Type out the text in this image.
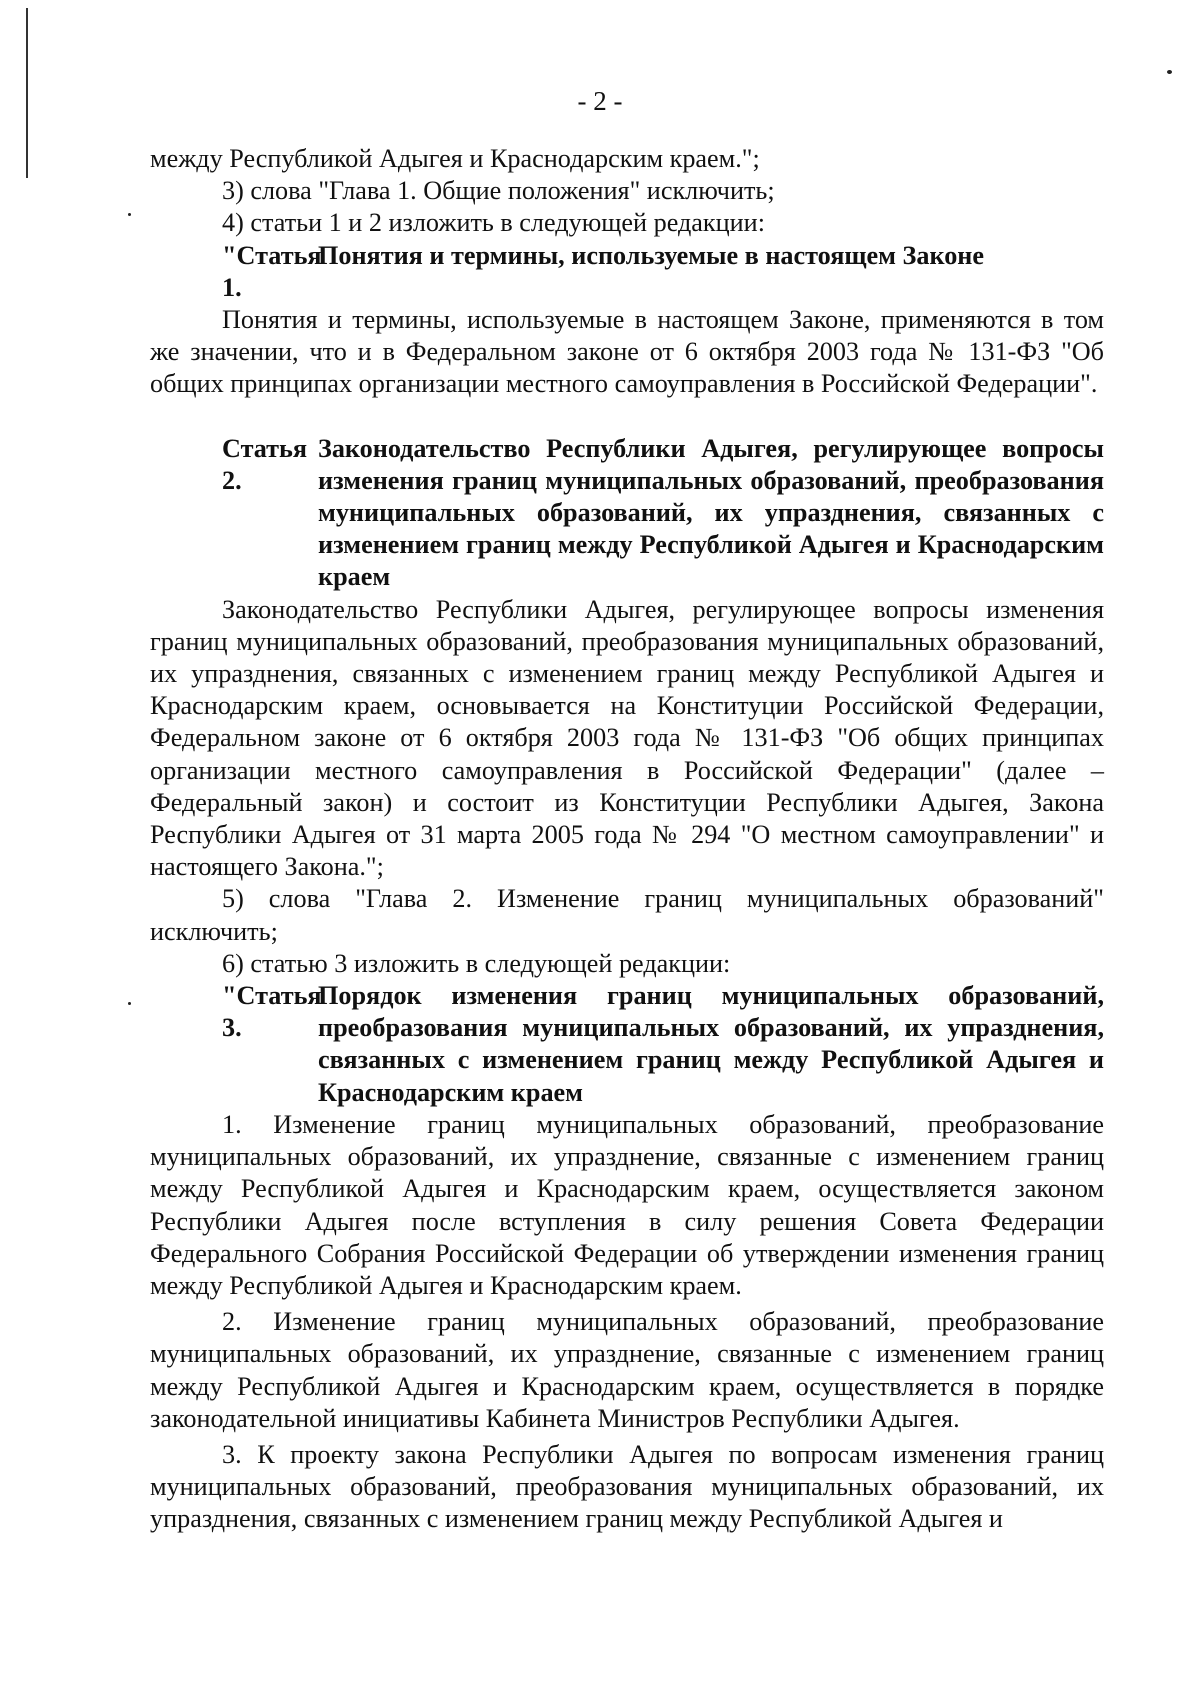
- 2 -

между Республикой Адыгея и Краснодарским краем.";

3) слова "Глава 1. Общие положения" исключить;

4) статьи 1 и 2 изложить в следующей редакции:

"Статья 1.
Понятия и термины, используемые в настоящем Законе

Понятия и термины, используемые в настоящем Законе, применяются в том же значении, что и в Федеральном законе от 6 октября 2003 года № 131-ФЗ "Об общих принципах организации местного самоуправления в Российской Федерации".

Статья 2.
Законодательство Республики Адыгея, регулирующее вопросы изменения границ муниципальных образований, преобразования муниципальных образований, их упразднения, связанных с изменением границ между Республикой Адыгея и Краснодарским краем

Законодательство Республики Адыгея, регулирующее вопросы изменения границ муниципальных образований, преобразования муниципальных образований, их упразднения, связанных с изменением границ между Республикой Адыгея и Краснодарским краем, основывается на Конституции Российской Федерации, Федеральном законе от 6 октября 2003 года № 131-ФЗ "Об общих принципах организации местного самоуправления в Российской Федерации" (далее – Федеральный закон) и состоит из Конституции Республики Адыгея, Закона Республики Адыгея от 31 марта 2005 года № 294 "О местном самоуправлении" и настоящего Закона.";

5) слова "Глава 2. Изменение границ муниципальных образований" исключить;

6) статью 3 изложить в следующей редакции:

"Статья 3.
Порядок изменения границ муниципальных образований, преобразования муниципальных образований, их упразднения, связанных с изменением границ между Республикой Адыгея и Краснодарским краем

1. Изменение границ муниципальных образований, преобразование муниципальных образований, их упразднение, связанные с изменением границ между Республикой Адыгея и Краснодарским краем, осуществляется законом Республики Адыгея после вступления в силу решения Совета Федерации Федерального Собрания Российской Федерации об утверждении изменения границ между Республикой Адыгея и Краснодарским краем.

2. Изменение границ муниципальных образований, преобразование муниципальных образований, их упразднение, связанные с изменением границ между Республикой Адыгея и Краснодарским краем, осуществляется в порядке законодательной инициативы Кабинета Министров Республики Адыгея.

3. К проекту закона Республики Адыгея по вопросам изменения границ муниципальных образований, преобразования муниципальных образований, их упразднения, связанных с изменением границ между Республикой Адыгея и
